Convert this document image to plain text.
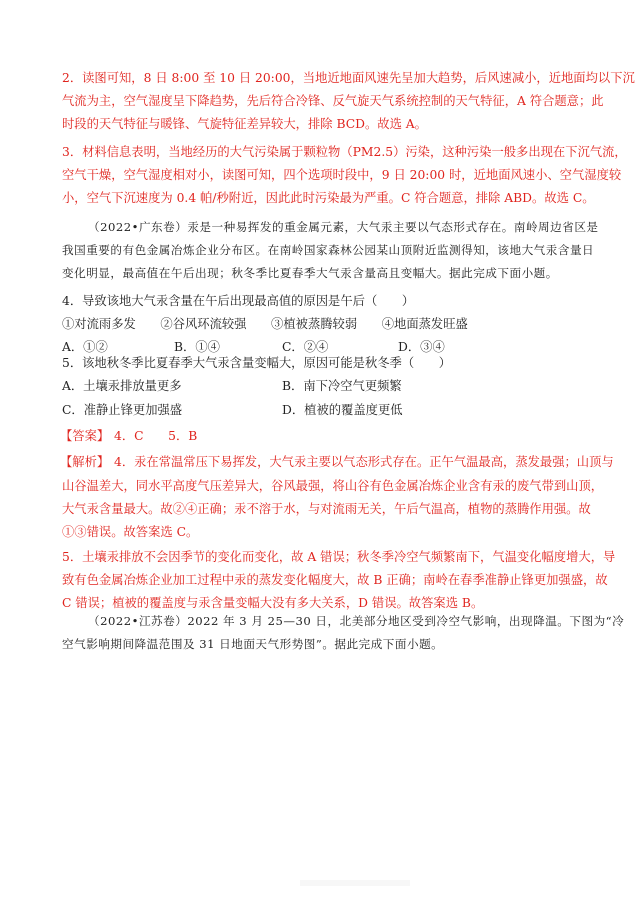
2．读图可知，8 日 8:00 至 10 日 20:00，当地近地面风速先呈加大趋势，后风速减小，近地面均以下沉
气流为主，空气湿度呈下降趋势，先后符合冷锋、反气旋天气系统控制的天气特征，A 符合题意；此
时段的天气特征与暖锋、气旋特征差异较大，排除 BCD。故选 A。
3．材料信息表明，当地经历的大气污染属于颗粒物（PM2.5）污染，这种污染一般多出现在下沉气流，
空气干燥，空气湿度相对小，读图可知，四个选项时段中，9 日 20:00 时，近地面风速小、空气湿度较
小，空气下沉速度为 0.4 帕/秒附近，因此此时污染最为严重。C 符合题意，排除 ABD。故选 C。
（2022•广东卷）汞是一种易挥发的重金属元素，大气汞主要以气态形式存在。南岭周边省区是
我国重要的有色金属冶炼企业分布区。在南岭国家森林公园某山顶附近监测得知，该地大气汞含量日
变化明显，最高值在午后出现；秋冬季比夏春季大气汞含量高且变幅大。据此完成下面小题。
4．导致该地大气汞含量在午后出现最高值的原因是午后（　　）
①对流雨多发　　②谷风环流较强　　③植被蒸腾较弱　　④地面蒸发旺盛
A．①②	B．①④	C．②④	D．③④
5．该地秋冬季比夏春季大气汞含量变幅大，原因可能是秋冬季（　　）
A．土壤汞排放量更多	B．南下冷空气更频繁
C．准静止锋更加强盛	D．植被的覆盖度更低
【答案】 4．C　　5．B
【解析】 4．汞在常温常压下易挥发，大气汞主要以气态形式存在。正午气温最高，蒸发最强；山顶与
山谷温差大，同水平高度气压差异大，谷风最强，将山谷有色金属冶炼企业含有汞的废气带到山顶，
大气汞含量最大。故②④正确；汞不溶于水，与对流雨无关，午后气温高，植物的蒸腾作用强。故
①③错误。故答案选 C。
5．土壤汞排放不会因季节的变化而变化，故 A 错误；秋冬季冷空气频繁南下，气温变化幅度增大，导
致有色金属冶炼企业加工过程中汞的蒸发变化幅度大，故 B 正确；南岭在春季准静止锋更加强盛，故
C 错误；植被的覆盖度与汞含量变幅大没有多大关系，D 错误。故答案选 B。
（2022•江苏卷）2022 年 3 月 25—30 日，北美部分地区受到冷空气影响，出现降温。下图为“冷
空气影响期间降温范围及 31 日地面天气形势图”。据此完成下面小题。
